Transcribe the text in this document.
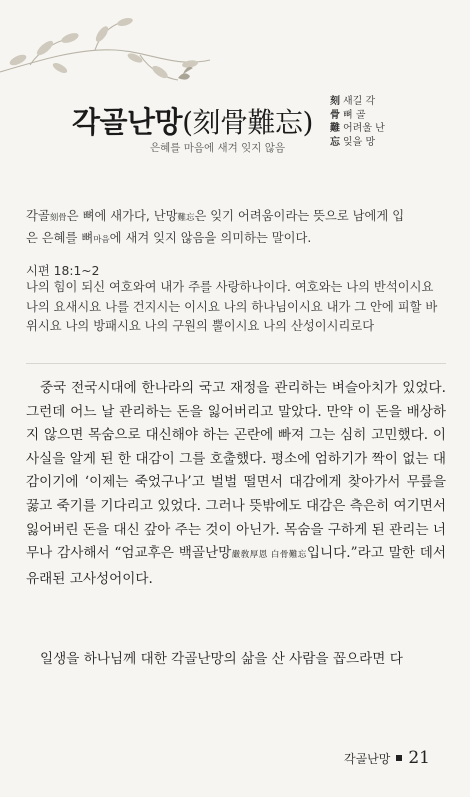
각골난망(刻骨難忘)
은혜를 마음에 새겨 잊지 않음
刻 새길 각
骨 뼈 골
難 어려울 난
忘 잊을 망
각골刻骨은 뼈에 새가다, 난망難忘은 잊기 어려움이라는 뜻으로 남에게 입
은 은혜를 뼈마음에 새겨 잊지 않음을 의미하는 말이다.
시편 18:1~2
나의 힘이 되신 여호와여 내가 주를 사랑하나이다. 여호와는 나의 반석이시요 나의 요새시요 나를 건지시는 이시요 나의 하나님이시요 내가 그 안에 피할 바위시요 나의 방패시요 나의 구원의 뿔이시요 나의 산성이시리로다
중국 전국시대에 한나라의 국고 재정을 관리하는 벼슬아치가 있었다. 그런데 어느 날 관리하는 돈을 잃어버리고 말았다. 만약 이 돈을 배상하지 않으면 목숨으로 대신해야 하는 곤란에 빠져 그는 심히 고민했다. 이 사실을 알게 된 한 대감이 그를 호출했다. 평소에 엄하기가 짝이 없는 대감이기에 ‘이제는 죽었구나’고 벌벌 떨면서 대감에게 찾아가서 무릎을 꿇고 죽기를 기다리고 있었다. 그러나 뜻밖에도 대감은 측은히 여기면서 잃어버린 돈을 대신 갚아 주는 것이 아닌가. 목숨을 구하게 된 관리는 너무나 감사해서 “엄교후은 백골난망嚴敎厚恩 白骨難忘입니다.”라고 말한 데서 유래된 고사성어이다.
일생을 하나님께 대한 각골난망의 삶을 산 사람을 꼽으라면 다
각골난망 21
